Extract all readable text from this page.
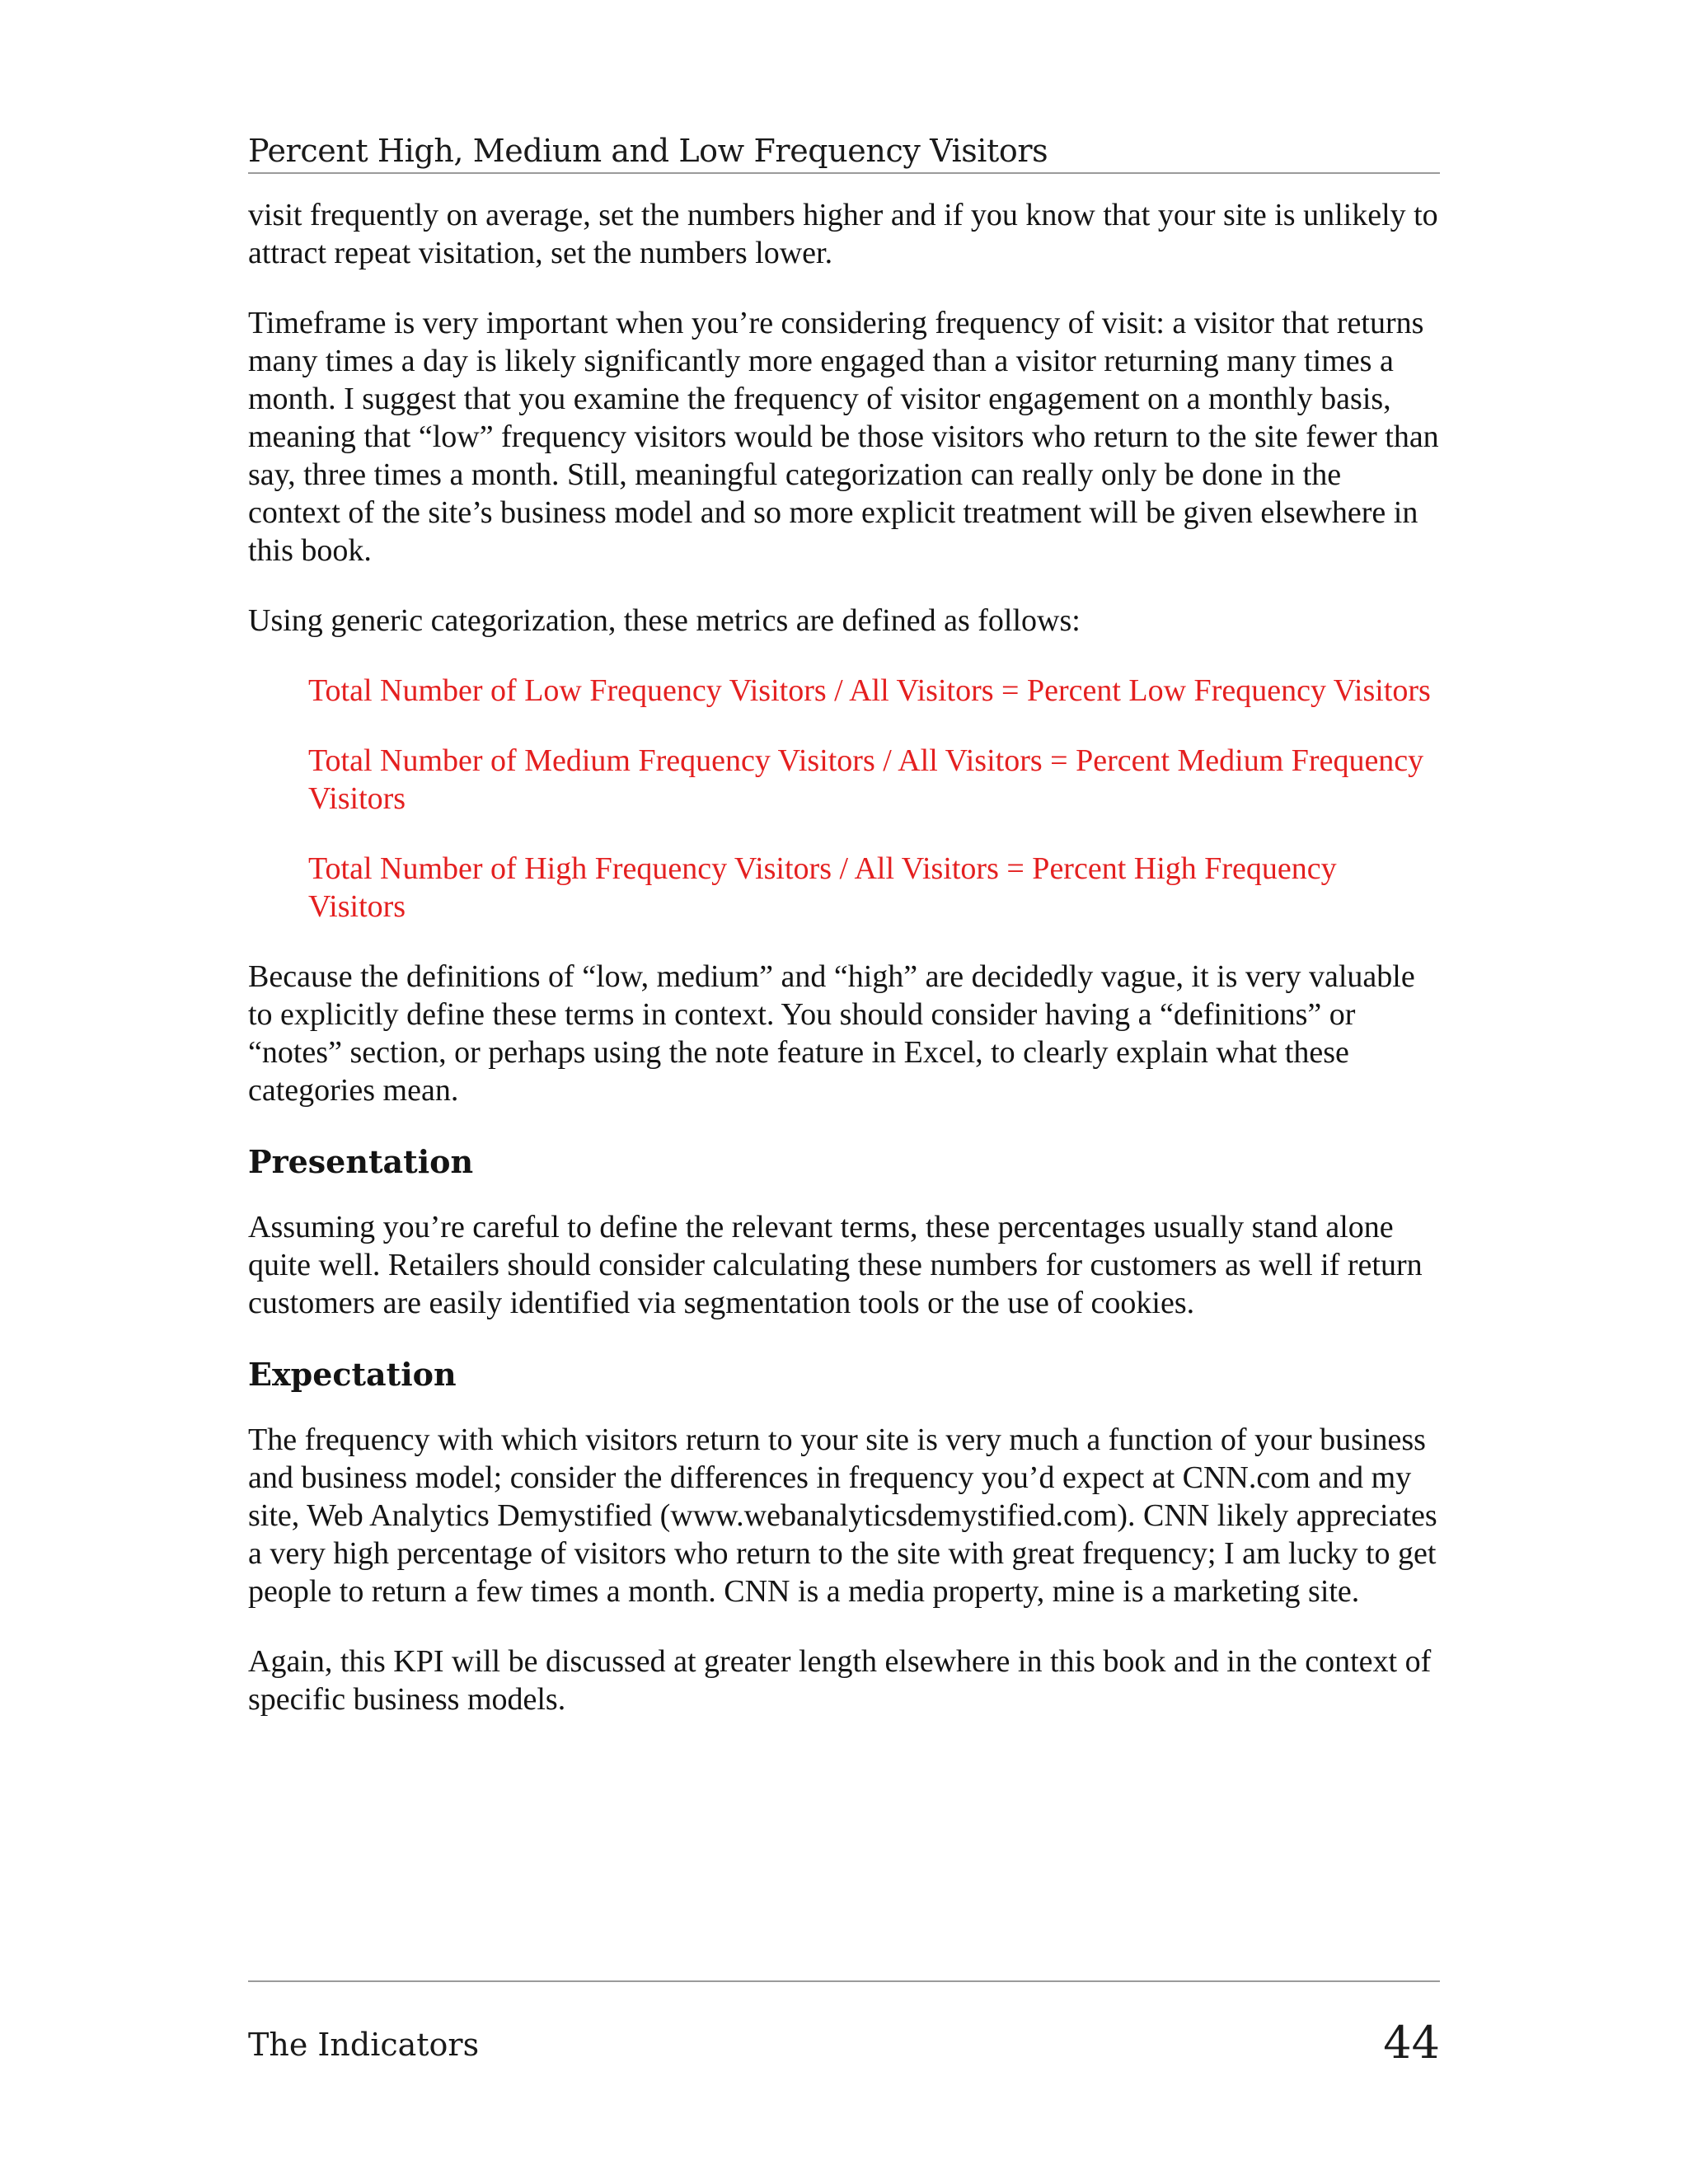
Percent High, Medium and Low Frequency Visitors

visit frequently on average, set the numbers higher and if you know that your site is unlikely to attract repeat visitation, set the numbers lower.

Timeframe is very important when you’re considering frequency of visit: a visitor that returns many times a day is likely significantly more engaged than a visitor returning many times a month. I suggest that you examine the frequency of visitor engagement on a monthly basis, meaning that “low” frequency visitors would be those visitors who return to the site fewer than say, three times a month. Still, meaningful categorization can really only be done in the context of the site’s business model and so more explicit treatment will be given elsewhere in this book.

Using generic categorization, these metrics are defined as follows:

Total Number of Low Frequency Visitors / All Visitors = Percent Low Frequency Visitors
Total Number of Medium Frequency Visitors / All Visitors = Percent Medium Frequency Visitors
Total Number of High Frequency Visitors / All Visitors = Percent High Frequency Visitors

Because the definitions of “low, medium” and “high” are decidedly vague, it is very valuable to explicitly define these terms in context. You should consider having a “definitions” or “notes” section, or perhaps using the note feature in Excel, to clearly explain what these categories mean.

Presentation

Assuming you’re careful to define the relevant terms, these percentages usually stand alone quite well. Retailers should consider calculating these numbers for customers as well if return customers are easily identified via segmentation tools or the use of cookies.

Expectation

The frequency with which visitors return to your site is very much a function of your business and business model; consider the differences in frequency you’d expect at CNN.com and my site, Web Analytics Demystified (www.webanalyticsdemystified.com). CNN likely appreciates a very high percentage of visitors who return to the site with great frequency; I am lucky to get people to return a few times a month. CNN is a media property, mine is a marketing site.

Again, this KPI will be discussed at greater length elsewhere in this book and in the context of specific business models.

The Indicators	44
